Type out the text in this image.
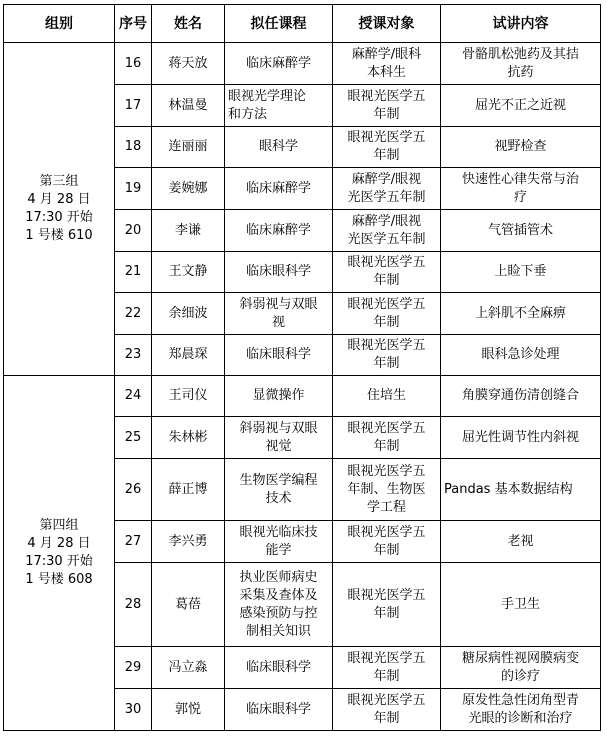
组别	序号	姓名	拟任课程	授课对象	试讲内容
第三组
4 月 28 日
17:30 开始
1 号楼 610	16	蒋天放	临床麻醉学	麻醉学/眼科
本科生	骨骼肌松弛药及其拮
抗药
	17	林温曼	眼视光学理论
和方法	眼视光医学五
年制	屈光不正之近视
	18	连丽丽	眼科学	眼视光医学五
年制	视野检查
	19	姜婉娜	临床麻醉学	麻醉学/眼视
光医学五年制	快速性心律失常与治
疗
	20	李谦	临床麻醉学	麻醉学/眼视
光医学五年制	气管插管术
	21	王文静	临床眼科学	眼视光医学五
年制	上睑下垂
	22	余细波	斜弱视与双眼
视	眼视光医学五
年制	上斜肌不全麻痹
	23	郑晨琛	临床眼科学	眼视光医学五
年制	眼科急诊处理
第四组
4 月 28 日
17:30 开始
1 号楼 608	24	王司仪	显微操作	住培生	角膜穿通伤清创缝合
	25	朱林彬	斜弱视与双眼
视觉	眼视光医学五
年制	屈光性调节性内斜视
	26	薛正博	生物医学编程
技术	眼视光医学五
年制、生物医
学工程	Pandas 基本数据结构
	27	李兴勇	眼视光临床技
能学	眼视光医学五
年制	老视
	28	葛蓓	执业医师病史
采集及查体及
感染预防与控
制相关知识	眼视光医学五
年制	手卫生
	29	冯立淼	临床眼科学	眼视光医学五
年制	糖尿病性视网膜病变
的诊疗
	30	郭悦	临床眼科学	眼视光医学五
年制	原发性急性闭角型青
光眼的诊断和治疗
